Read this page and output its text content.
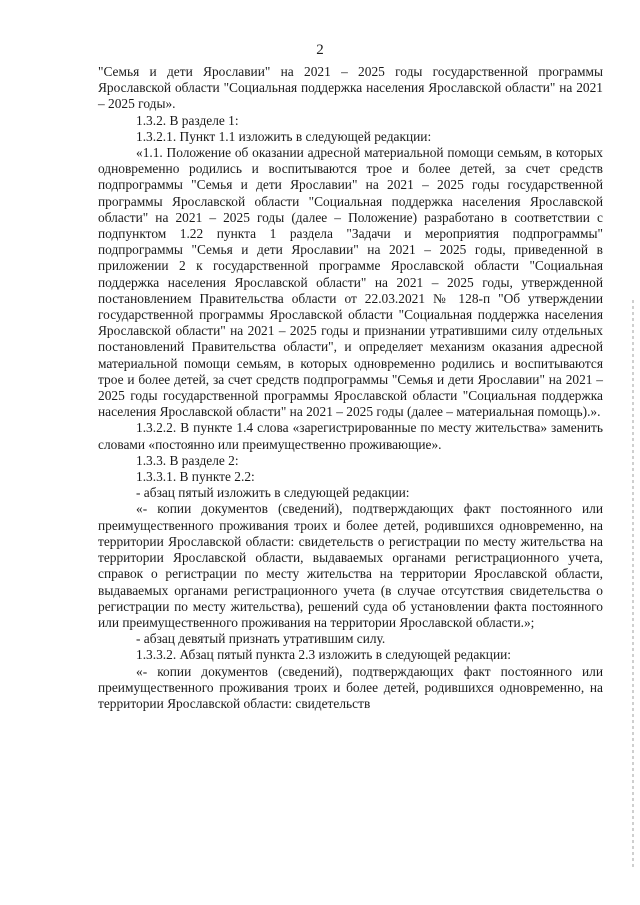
2

"Семья и дети Ярославии" на 2021 – 2025 годы государственной программы Ярославской области "Социальная поддержка населения Ярославской области" на 2021 – 2025 годы».

1.3.2. В разделе 1:

1.3.2.1. Пункт 1.1 изложить в следующей редакции:

«1.1. Положение об оказании адресной материальной помощи семьям, в которых одновременно родились и воспитываются трое и более детей, за счет средств подпрограммы "Семья и дети Ярославии" на 2021 – 2025 годы государственной программы Ярославской области "Социальная поддержка населения Ярославской области" на 2021 – 2025 годы (далее – Положение) разработано в соответствии с подпунктом 1.22 пункта 1 раздела "Задачи и мероприятия подпрограммы" подпрограммы "Семья и дети Ярославии" на 2021 – 2025 годы, приведенной в приложении 2 к государственной программе Ярославской области "Социальная поддержка населения Ярославской области" на 2021 – 2025 годы, утвержденной постановлением Правительства области от 22.03.2021 № 128-п "Об утверждении государственной программы Ярославской области "Социальная поддержка населения Ярославской области" на 2021 – 2025 годы и признании утратившими силу отдельных постановлений Правительства области", и определяет механизм оказания адресной материальной помощи семьям, в которых одновременно родились и воспитываются трое и более детей, за счет средств подпрограммы "Семья и дети Ярославии" на 2021 – 2025 годы государственной программы Ярославской области "Социальная поддержка населения Ярославской области" на 2021 – 2025 годы (далее – материальная помощь).».

1.3.2.2. В пункте 1.4 слова «зарегистрированные по месту жительства» заменить словами «постоянно или преимущественно проживающие».

1.3.3. В разделе 2:

1.3.3.1. В пункте 2.2:

- абзац пятый изложить в следующей редакции:

«- копии документов (сведений), подтверждающих факт постоянного или преимущественного проживания троих и более детей, родившихся одновременно, на территории Ярославской области: свидетельств о регистрации по месту жительства на территории Ярославской области, выдаваемых органами регистрационного учета, справок о регистрации по месту жительства на территории Ярославской области, выдаваемых органами регистрационного учета (в случае отсутствия свидетельства о регистрации по месту жительства), решений суда об установлении факта постоянного или преимущественного проживания на территории Ярославской области.»;

- абзац девятый признать утратившим силу.

1.3.3.2. Абзац пятый пункта 2.3 изложить в следующей редакции:

«- копии документов (сведений), подтверждающих факт постоянного или преимущественного проживания троих и более детей, родившихся одновременно, на территории Ярославской области: свидетельств
